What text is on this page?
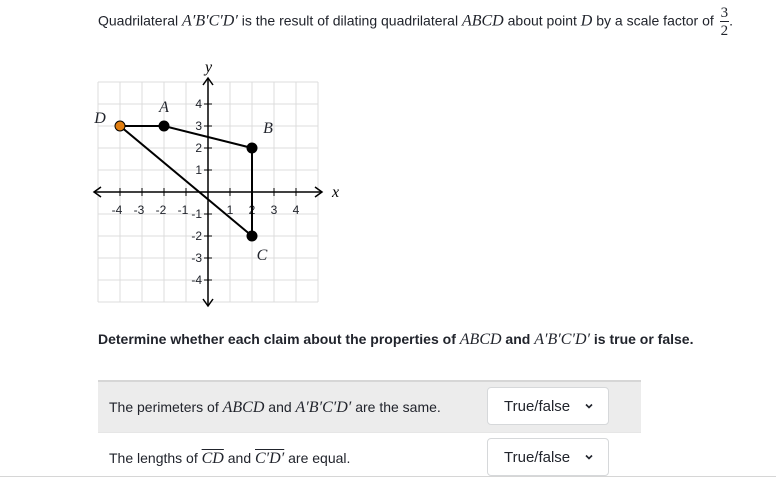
Quadrilateral A′B′C′D′ is the result of dilating quadrilateral ABCD about point D by a scale factor of $\frac{3}{2}$ .
-4 -3 -2 -1	1 2 3 4
4
3
2
1
-1
-2
-3
-4
D
A
B
C
x
y
Determine whether each claim about the properties of ABCD and A′B′C′D′ is true or false.
The perimeters of ABCD and A′B′C′D′ are the same.	True/false
The lengths of $\overline{CD}$ and C′D′ are equal.	True/false
